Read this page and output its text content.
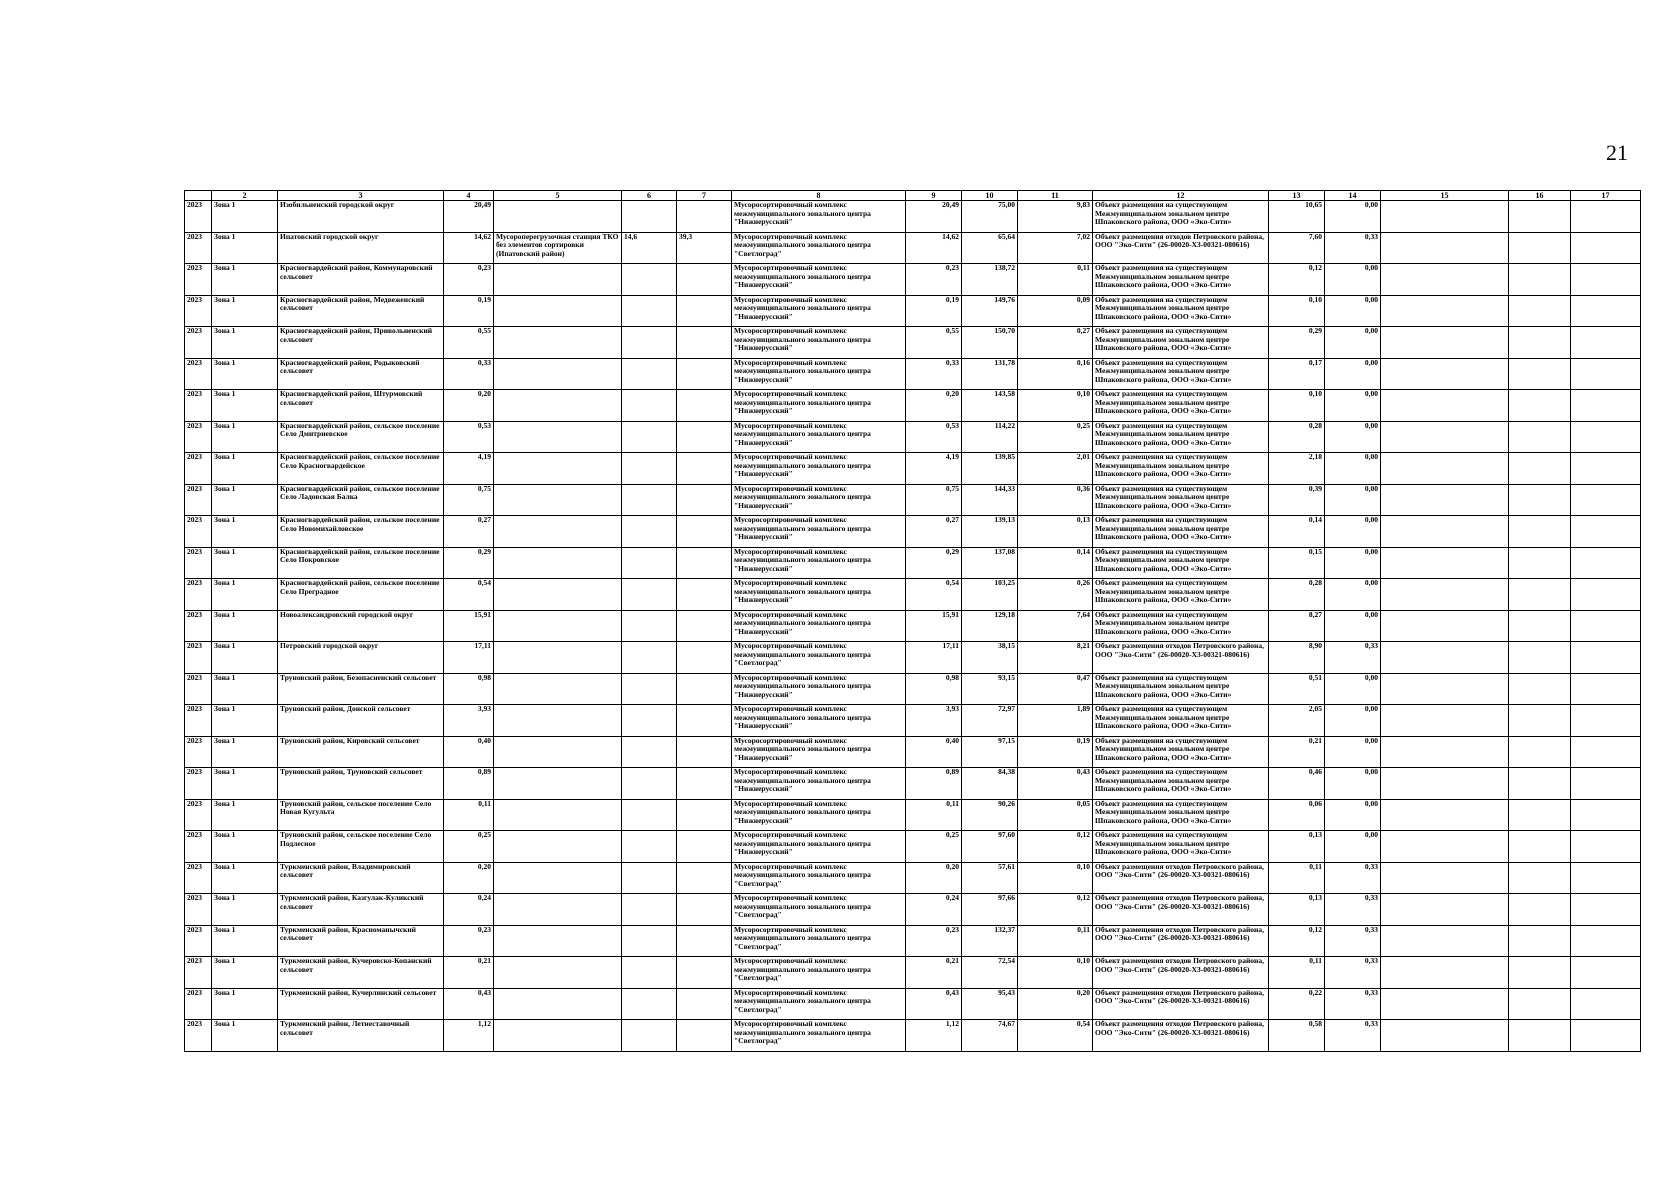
21
	2	3	4	5	6	7	8	9	10	11	12	13	14	15	16	17
2023	Зона 1	Изобильненский городской округ	20,49				Мусоросортировочный комплекс межмуниципального зонального центра "Нижнерусский"	20,49	75,00	9,83	Объект размещения на существующем Межмуниципальном зональном центре Шпаковского района, ООО «Эко-Сити»	10,65	0,00			
2023	Зона 1	Ипатовский городской округ	14,62	Мусороперегрузочная станция ТКО без элементов сортировки (Ипатовский район)	14,6	39,3	Мусоросортировочный комплекс межмуниципального зонального центра "Светлоград"	14,62	65,64	7,02	Объект размещения отходов Петровского района, ООО "Эко-Сити" (26-00020-Х3-00321-080616)	7,60	0,33			
2023	Зона 1	Красногвардейский район, Коммунаровский сельсовет	0,23				Мусоросортировочный комплекс межмуниципального зонального центра "Нижнерусский"	0,23	138,72	0,11	Объект размещения на существующем Межмуниципальном зональном центре Шпаковского района, ООО «Эко-Сити»	0,12	0,00			
2023	Зона 1	Красногвардейский район, Медвеженский сельсовет	0,19				Мусоросортировочный комплекс межмуниципального зонального центра "Нижнерусский"	0,19	149,76	0,09	Объект размещения на существующем Межмуниципальном зональном центре Шпаковского района, ООО «Эко-Сити»	0,10	0,00			
2023	Зона 1	Красногвардейский район, Привольненский сельсовет	0,55				Мусоросортировочный комплекс межмуниципального зонального центра "Нижнерусский"	0,55	150,70	0,27	Объект размещения на существующем Межмуниципальном зональном центре Шпаковского района, ООО «Эко-Сити»	0,29	0,00			
2023	Зона 1	Красногвардейский район, Родыковский сельсовет	0,33				Мусоросортировочный комплекс межмуниципального зонального центра "Нижнерусский"	0,33	131,78	0,16	Объект размещения на существующем Межмуниципальном зональном центре Шпаковского района, ООО «Эко-Сити»	0,17	0,00			
2023	Зона 1	Красногвардейский район, Штурмовский сельсовет	0,20				Мусоросортировочный комплекс межмуниципального зонального центра "Нижнерусский"	0,20	143,58	0,10	Объект размещения на существующем Межмуниципальном зональном центре Шпаковского района, ООО «Эко-Сити»	0,10	0,00			
2023	Зона 1	Красногвардейский район, сельское поселение Село Дмитриевское	0,53				Мусоросортировочный комплекс межмуниципального зонального центра "Нижнерусский"	0,53	114,22	0,25	Объект размещения на существующем Межмуниципальном зональном центре Шпаковского района, ООО «Эко-Сити»	0,28	0,00			
2023	Зона 1	Красногвардейский район, сельское поселение Село Красногвардейское	4,19				Мусоросортировочный комплекс межмуниципального зонального центра "Нижнерусский"	4,19	139,85	2,01	Объект размещения на существующем Межмуниципальном зональном центре Шпаковского района, ООО «Эко-Сити»	2,18	0,00			
2023	Зона 1	Красногвардейский район, сельское поселение Село Ладовская Балка	0,75				Мусоросортировочный комплекс межмуниципального зонального центра "Нижнерусский"	0,75	144,33	0,36	Объект размещения на существующем Межмуниципальном зональном центре Шпаковского района, ООО «Эко-Сити»	0,39	0,00			
2023	Зона 1	Красногвардейский район, сельское поселение Село Новомихайловское	0,27				Мусоросортировочный комплекс межмуниципального зонального центра "Нижнерусский"	0,27	139,13	0,13	Объект размещения на существующем Межмуниципальном зональном центре Шпаковского района, ООО «Эко-Сити»	0,14	0,00			
2023	Зона 1	Красногвардейский район, сельское поселение Село Покровское	0,29				Мусоросортировочный комплекс межмуниципального зонального центра "Нижнерусский"	0,29	137,08	0,14	Объект размещения на существующем Межмуниципальном зональном центре Шпаковского района, ООО «Эко-Сити»	0,15	0,00			
2023	Зона 1	Красногвардейский район, сельское поселение Село Преградное	0,54				Мусоросортировочный комплекс межмуниципального зонального центра "Нижнерусский"	0,54	103,25	0,26	Объект размещения на существующем Межмуниципальном зональном центре Шпаковского района, ООО «Эко-Сити»	0,28	0,00			
2023	Зона 1	Новоалександровский городской округ	15,91				Мусоросортировочный комплекс межмуниципального зонального центра "Нижнерусский"	15,91	129,18	7,64	Объект размещения на существующем Межмуниципальном зональном центре Шпаковского района, ООО «Эко-Сити»	8,27	0,00			
2023	Зона 1	Петровский городской округ	17,11				Мусоросортировочный комплекс межмуниципального зонального центра "Светлоград"	17,11	38,15	8,21	Объект размещения отходов Петровского района, ООО "Эко-Сити" (26-00020-Х3-00321-080616)	8,90	0,33			
2023	Зона 1	Труновский район, Безопасненский сельсовет	0,98				Мусоросортировочный комплекс межмуниципального зонального центра "Нижнерусский"	0,98	93,15	0,47	Объект размещения на существующем Межмуниципальном зональном центре Шпаковского района, ООО «Эко-Сити»	0,51	0,00			
2023	Зона 1	Труновский район, Донской сельсовет	3,93				Мусоросортировочный комплекс межмуниципального зонального центра "Нижнерусский"	3,93	72,97	1,89	Объект размещения на существующем Межмуниципальном зональном центре Шпаковского района, ООО «Эко-Сити»	2,05	0,00			
2023	Зона 1	Труновский район, Кировский сельсовет	0,40				Мусоросортировочный комплекс межмуниципального зонального центра "Нижнерусский"	0,40	97,15	0,19	Объект размещения на существующем Межмуниципальном зональном центре Шпаковского района, ООО «Эко-Сити»	0,21	0,00			
2023	Зона 1	Труновский район, Труновский сельсовет	0,89				Мусоросортировочный комплекс межмуниципального зонального центра "Нижнерусский"	0,89	84,38	0,43	Объект размещения на существующем Межмуниципальном зональном центре Шпаковского района, ООО «Эко-Сити»	0,46	0,00			
2023	Зона 1	Труновский район, сельское поселение Село Новая Кугульта	0,11				Мусоросортировочный комплекс межмуниципального зонального центра "Нижнерусский"	0,11	90,26	0,05	Объект размещения на существующем Межмуниципальном зональном центре Шпаковского района, ООО «Эко-Сити»	0,06	0,00			
2023	Зона 1	Труновский район, сельское поселение Село Подлесное	0,25				Мусоросортировочный комплекс межмуниципального зонального центра "Нижнерусский"	0,25	97,60	0,12	Объект размещения на существующем Межмуниципальном зональном центре Шпаковского района, ООО «Эко-Сити»	0,13	0,00			
2023	Зона 1	Туркменский район, Владимировский сельсовет	0,20				Мусоросортировочный комплекс межмуниципального зонального центра "Светлоград"	0,20	57,61	0,10	Объект размещения отходов Петровского района, ООО "Эко-Сити" (26-00020-Х3-00321-080616)	0,11	0,33			
2023	Зона 1	Туркменский район, Казгулак-Куликский сельсовет	0,24				Мусоросортировочный комплекс межмуниципального зонального центра "Светлоград"	0,24	97,66	0,12	Объект размещения отходов Петровского района, ООО "Эко-Сити" (26-00020-Х3-00321-080616)	0,13	0,33			
2023	Зона 1	Туркменский район, Красноманычский сельсовет	0,23				Мусоросортировочный комплекс межмуниципального зонального центра "Светлоград"	0,23	132,37	0,11	Объект размещения отходов Петровского района, ООО "Эко-Сити" (26-00020-Х3-00321-080616)	0,12	0,33			
2023	Зона 1	Туркменский район, Кучеровско-Копанский сельсовет	0,21				Мусоросортировочный комплекс межмуниципального зонального центра "Светлоград"	0,21	72,54	0,10	Объект размещения отходов Петровского района, ООО "Эко-Сити" (26-00020-Х3-00321-080616)	0,11	0,33			
2023	Зона 1	Туркменский район, Кучерлинский сельсовет	0,43				Мусоросортировочный комплекс межмуниципального зонального центра "Светлоград"	0,43	95,43	0,20	Объект размещения отходов Петровского района, ООО "Эко-Сити" (26-00020-Х3-00321-080616)	0,22	0,33			
2023	Зона 1	Туркменский район, Летнеставочный сельсовет	1,12				Мусоросортировочный комплекс межмуниципального зонального центра "Светлоград"	1,12	74,67	0,54	Объект размещения отходов Петровского района, ООО "Эко-Сити" (26-00020-Х3-00321-080616)	0,58	0,33			
